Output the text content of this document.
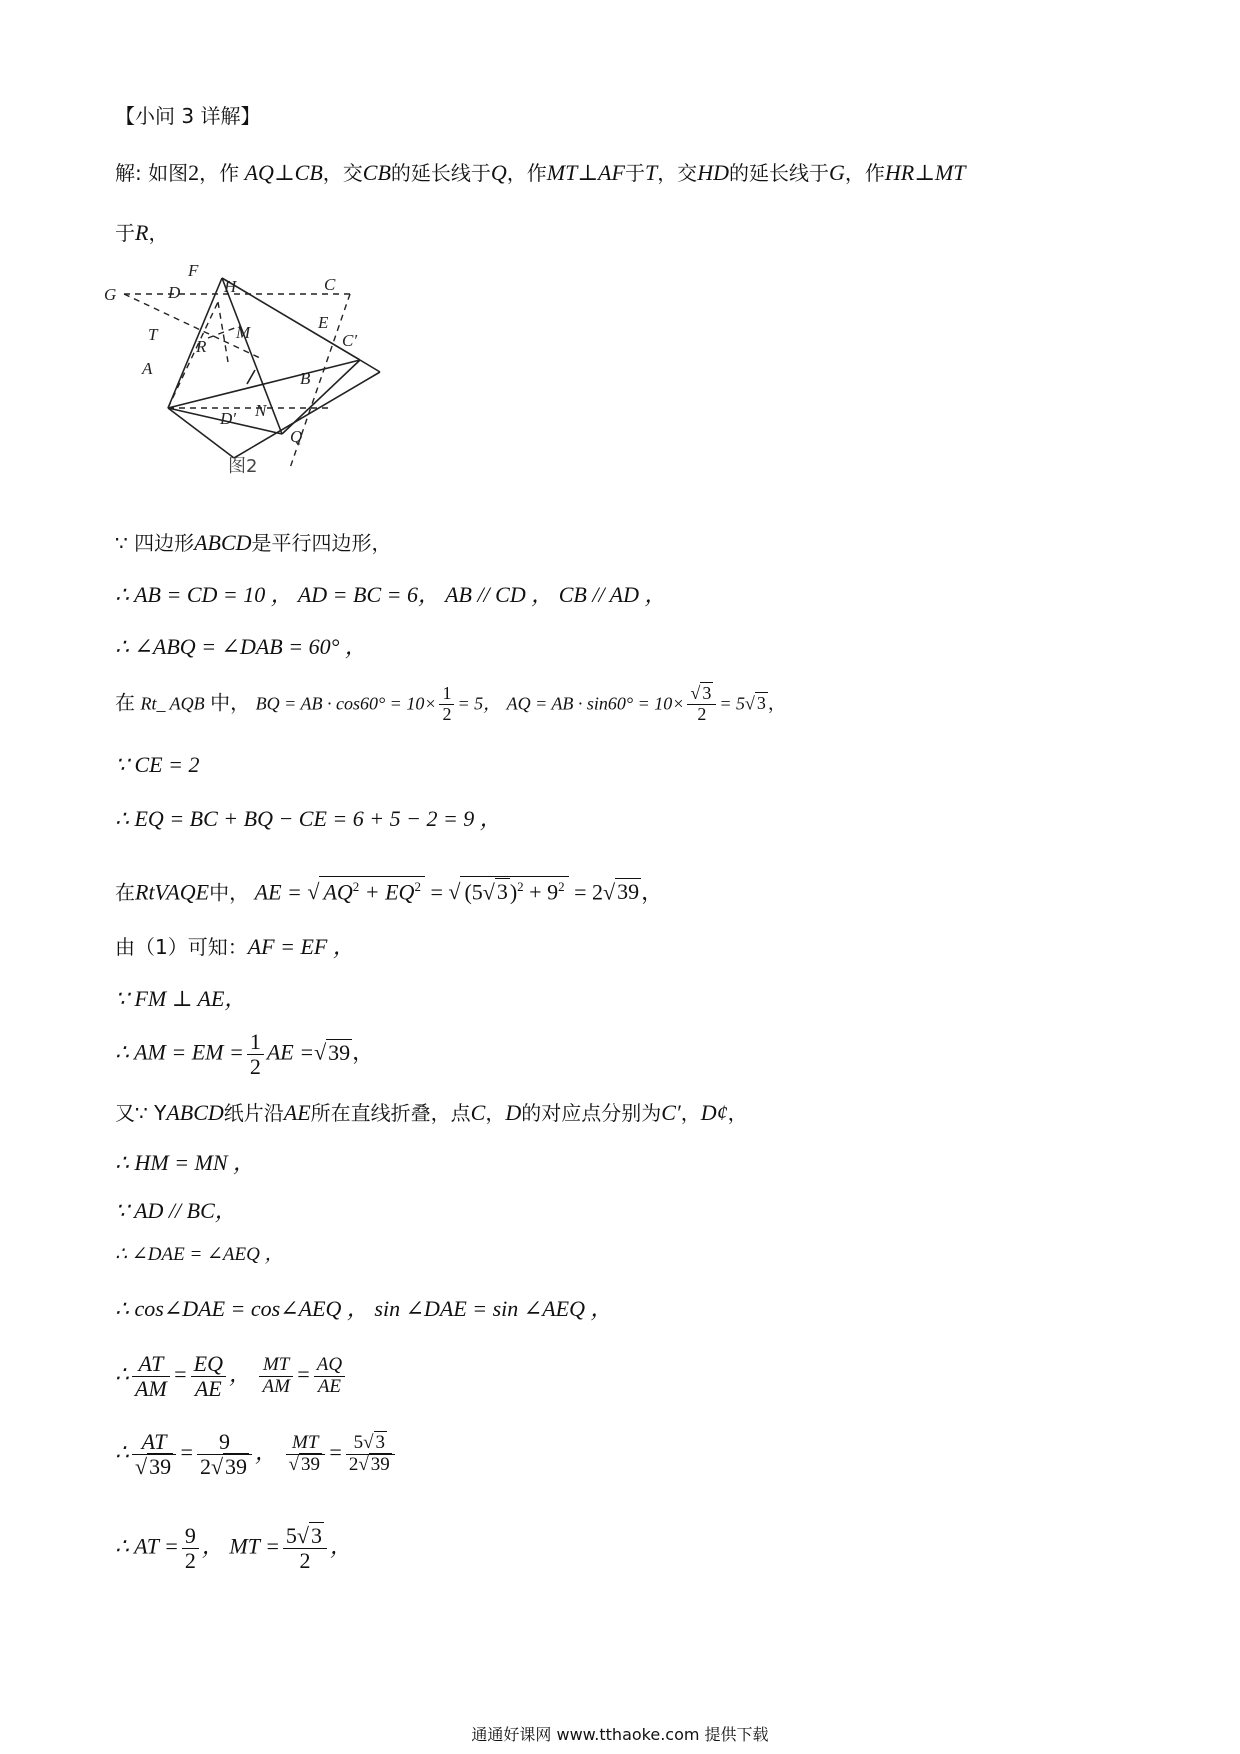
【小问 3 详解】
解: 如图2，作 AQ⊥CB，交CB的延长线于Q，作MT⊥AF于T，交HD的延长线于G，作HR⊥MT
于R，
F
G	D	H	C
T	M
E
C′
R
A
B
D′ N
Q
图2
∵ 四边形ABCD是平行四边形，
∴ AB = CD = 10 ， AD = BC = 6， AB // CD ， CB // AD ，
∴ ∠ABQ = ∠DAB = 60° ，
在 Rt_ AQB 中， BQ = AB · $\cos 60^\circ = 10\times \frac{1}{2} = 5$， AQ = AB · $\sin 60^\circ = 10\times \frac{√ 3}{2} = 5√$ 3 ，
∵ CE = 2
∴ EQ = BC + BQ − CE = 6 + 5 − 2 = 9 ，
在RtVAQE中， AE = √ $AQ^2 + EQ^2$ = √ $(5√3)^2 + 9^2 = 2√39$，
由（1）可知：AF = EF ，
∵ FM ⊥ AE，
∴ AM = EM = $\frac{1}{2}$ AE =√39，
又∵ YABCD纸片沿AE所在直线折叠，点C，D的对应点分别为C′，D¢，
∴ HM = MN ，
∵ AD // BC，
∴ ∠DAE = ∠AEQ ，
∴ cos∠DAE = cos∠AEQ ， sin ∠DAE = sin ∠AEQ ，
∴ $\frac{AT}{AM} = \frac{EQ}{AE}$ ， $\frac{MT}{AM} = \frac{AQ}{AE}$
∴ $\frac{AT}{√39} = \frac{9}{2√39}$ ， $\frac{MT}{√ 39} = \frac{5√ 3}{2√ 39}$
∴ AT = $\frac{9}{2}$ ， MT = $\frac{5√3}{2}$ ，
通通好课网 www.tthaoke.com 提供下载
